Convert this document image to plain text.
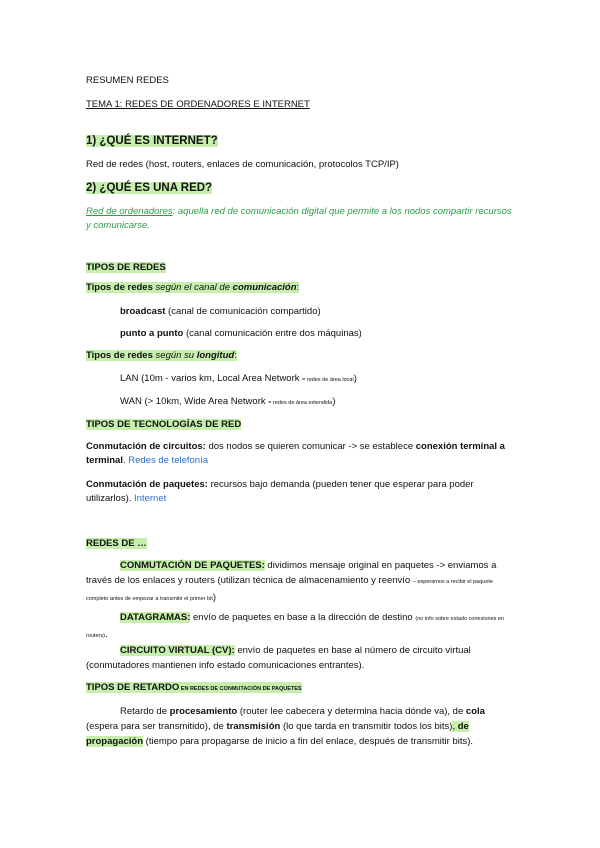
RESUMEN REDES
TEMA 1: REDES DE ORDENADORES E INTERNET
1) ¿QUÉ ES INTERNET?
Red de redes (host, routers, enlaces de comunicación, protocolos TCP/IP)
2) ¿QUÉ ES UNA RED?
Red de ordenadores: aquella red de comunicación digital que permite a los nodos compartir recursos y comunicarse.
TIPOS DE REDES
Tipos de redes según el canal de comunicación:
broadcast (canal de comunicación compartido)
punto a punto (canal comunicación entre dos máquinas)
Tipos de redes según su longitud:
LAN (10m - varios km, Local Area Network = redes de área local)
WAN (> 10km, Wide Area Network = redes de área extendida)
TIPOS DE TECNOLOGÍAS DE RED
Conmutación de circuitos: dos nodos se quieren comunicar -> se establece conexión terminal a terminal. Redes de telefonía
Conmutación de paquetes: recursos bajo demanda (pueden tener que esperar para poder utilizarlos). Internet
REDES DE …
CONMUTACIÓN DE PAQUETES: dividimos mensaje original en paquetes -> enviamos a través de los enlaces y routers (utilizan técnica de almacenamiento y reenvío – esperamos a recibir el paquete completo antes de empezar a transmitir el primer bit)
DATAGRAMAS: envío de paquetes en base a la dirección de destino (no info sobre estado conexiones en routers).
CIRCUITO VIRTUAL (CV): envío de paquetes en base al número de circuito virtual (conmutadores mantienen info estado comunicaciones entrantes).
TIPOS DE RETARDO EN REDES DE CONMUTACIÓN DE PAQUETES
Retardo de procesamiento (router lee cabecera y determina hacia dónde va), de cola (espera para ser transmitido), de transmisión (lo que tarda en transmitir todos los bits), de propagación (tiempo para propagarse de inicio a fin del enlace, después de transmitir bits).
